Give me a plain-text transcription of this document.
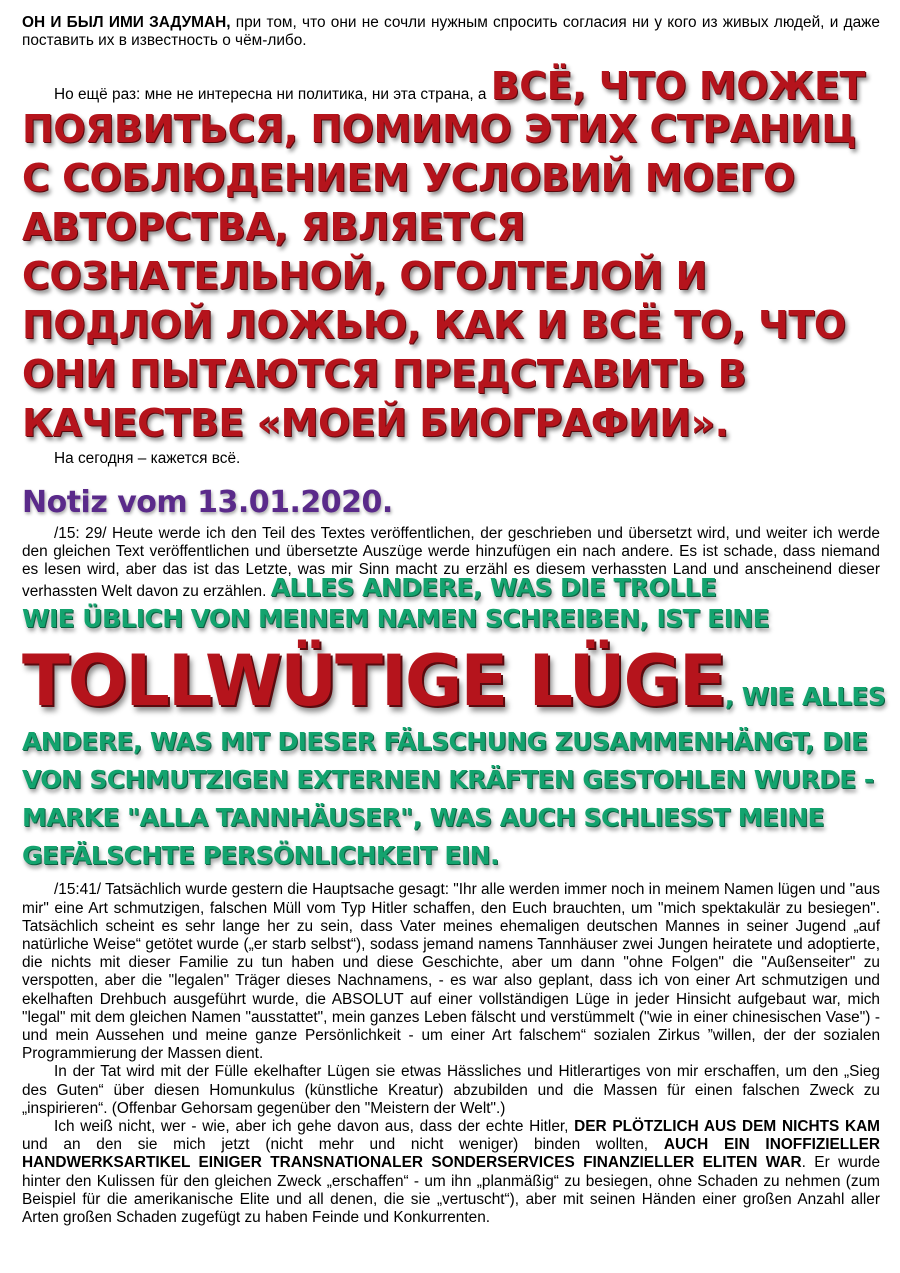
ОН И БЫЛ ИМИ ЗАДУМАН, при том, что они не сочли нужным спросить согласия ни у кого из живых людей, и даже поставить их в известность о чём-либо.

Но ещё раз: мне не интересна ни политика, ни эта страна, а ВСЁ, ЧТО МОЖЕТ

ПОЯВИТЬСЯ, ПОМИМО ЭТИХ СТРАНИЦ С СОБЛЮДЕНИЕМ УСЛОВИЙ МОЕГО АВТОРСТВА, ЯВЛЯЕТСЯ СОЗНАТЕЛЬНОЙ, ОГОЛТЕЛОЙ И ПОДЛОЙ ЛОЖЬЮ, КАК И ВСЁ ТО, ЧТО ОНИ ПЫТАЮТСЯ ПРЕДСТАВИТЬ В КАЧЕСТВЕ «МОЕЙ БИОГРАФИИ».

На сегодня – кажется всё.

Notiz vom 13.01.2020.

/15: 29/ Heute werde ich den Teil des Textes veröffentlichen, der geschrieben und übersetzt wird, und weiter ich werde den gleichen Text veröffentlichen und übersetzte Auszüge werde hinzufügen ein nach andere. Es ist schade, dass niemand es lesen wird, aber das ist das Letzte, was mir Sinn macht zu erzähl es diesem verhassten Land und anscheinend dieser verhassten Welt davon zu erzählen. ALLES ANDERE, WAS DIE TROLLE

WIE ÜBLICH VON MEINEM NAMEN SCHREIBEN, IST EINE
TOLLWÜTIGE LÜGE, WIE ALLES
ANDERE, WAS MIT DIESER FÄLSCHUNG ZUSAMMENHÄNGT, DIE VON SCHMUTZIGEN EXTERNEN KRÄFTEN GESTOHLEN WURDE - MARKE "ALLA TANNHÄUSER", WAS AUCH SCHLIESST MEINE GEFÄLSCHTE PERSÖNLICHKEIT EIN.

/15:41/ Tatsächlich wurde gestern die Hauptsache gesagt: "Ihr alle werden immer noch in meinem Namen lügen und "aus mir" eine Art schmutzigen, falschen Müll vom Typ Hitler schaffen, den Euch brauchten, um "mich spektakulär zu besiegen". Tatsächlich scheint es sehr lange her zu sein, dass Vater meines ehemaligen deutschen Mannes in seiner Jugend „auf natürliche Weise“ getötet wurde („er starb selbst“), sodass jemand namens Tannhäuser zwei Jungen heiratete und adoptierte, die nichts mit dieser Familie zu tun haben und diese Geschichte, aber um dann "ohne Folgen" die "Außenseiter" zu verspotten, aber die "legalen" Träger dieses Nachnamens, - es war also geplant, dass ich von einer Art schmutzigen und ekelhaften Drehbuch ausgeführt wurde, die ABSOLUT auf einer vollständigen Lüge in jeder Hinsicht aufgebaut war, mich "legal" mit dem gleichen Namen "ausstattet", mein ganzes Leben fälscht und verstümmelt ("wie in einer chinesischen Vase") - und mein Aussehen und meine ganze Persönlichkeit - um einer Art falschem“ sozialen Zirkus ”willen, der der sozialen Programmierung der Massen dient.

In der Tat wird mit der Fülle ekelhafter Lügen sie etwas Hässliches und Hitlerartiges von mir erschaffen, um den „Sieg des Guten“ über diesen Homunkulus (künstliche Kreatur) abzubilden und die Massen für einen falschen Zweck zu „inspirieren“. (Offenbar Gehorsam gegenüber den "Meistern der Welt".)

Ich weiß nicht, wer - wie, aber ich gehe davon aus, dass der echte Hitler, DER PLÖTZLICH AUS DEM NICHTS KAM und an den sie mich jetzt (nicht mehr und nicht weniger) binden wollten, AUCH EIN INOFFIZIELLER HANDWERKSARTIKEL EINIGER TRANSNATIONALER SONDERSERVICES FINANZIELLER ELITEN WAR. Er wurde hinter den Kulissen für den gleichen Zweck „erschaffen“ - um ihn „planmäßig“ zu besiegen, ohne Schaden zu nehmen (zum Beispiel für die amerikanische Elite und all denen, die sie „vertuscht“), aber mit seinen Händen einer großen Anzahl aller Arten großen Schaden zugefügt zu haben Feinde und Konkurrenten.
